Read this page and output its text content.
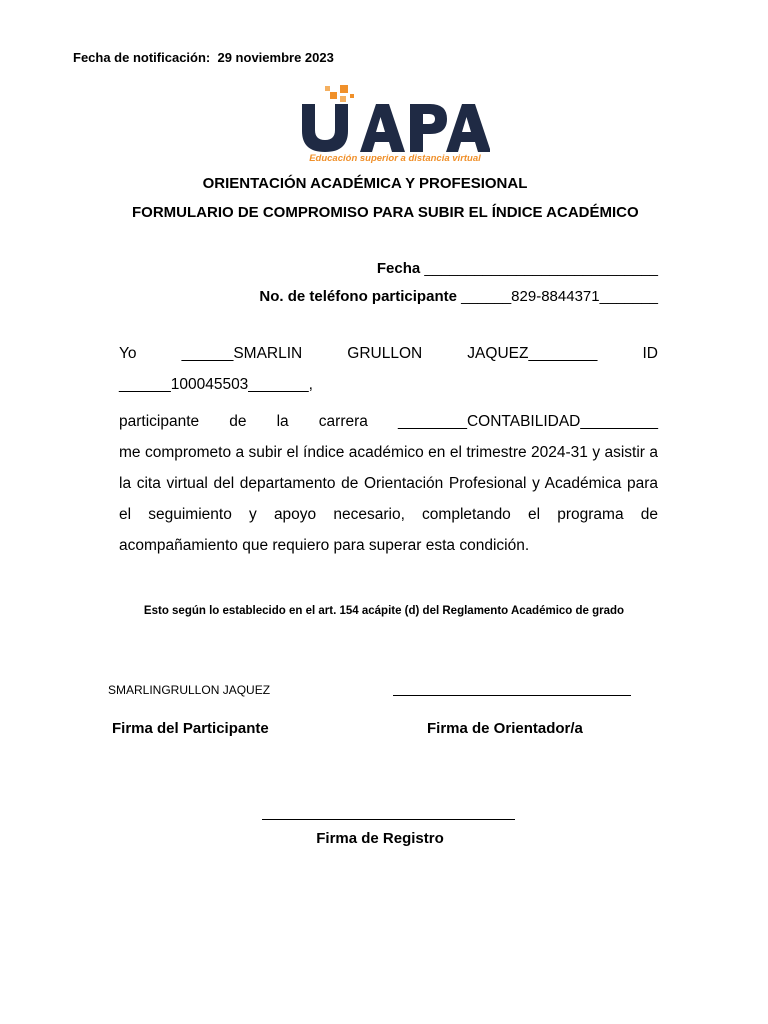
Fecha de notificación: 29 noviembre 2023
Educación superior a distancia virtual
ORIENTACIÓN ACADÉMICA Y PROFESIONAL
FORMULARIO DE COMPROMISO PARA SUBIR EL ÍNDICE ACADÉMICO
Fecha ____________________________
No. de teléfono participante ______829-8844371_______
Yo	______SMARLIN	GRULLON	JAQUEZ________	ID
______100045503_______,
participante de la carrera ________CONTABILIDAD_________
me comprometo a subir el índice académico en el trimestre 2024-31 y asistir a la cita virtual del departamento de Orientación Profesional y Académica para el seguimiento y apoyo necesario, completando el programa de acompañamiento que requiero para superar esta condición.
Esto según lo establecido en el art. 154 acápite (d) del Reglamento Académico de grado
SMARLINGRULLON JAQUEZ
Firma del Participante	Firma de Orientador/a
Firma de Registro
